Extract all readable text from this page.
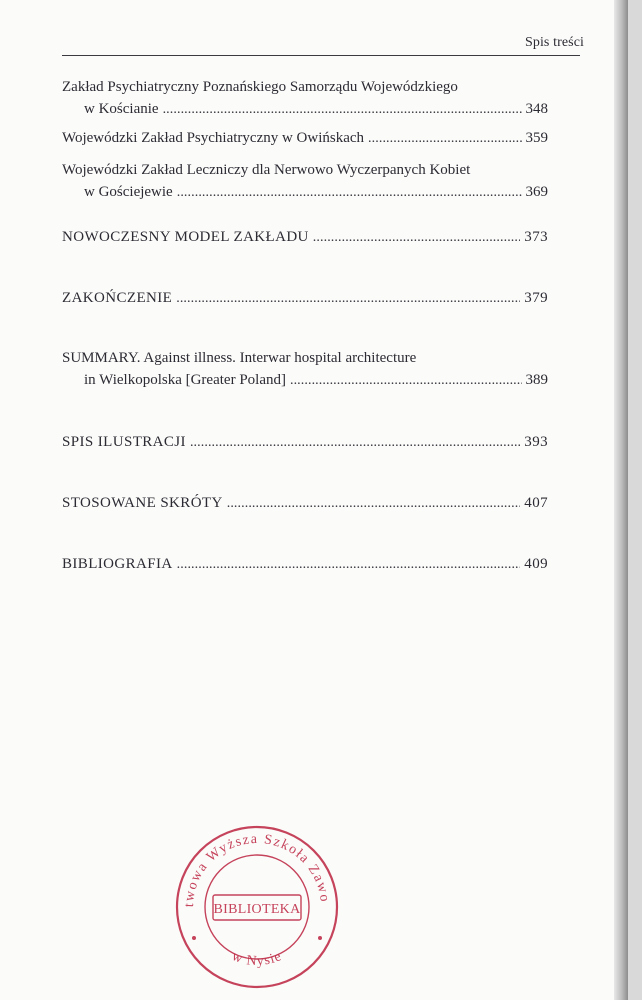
Spis treści
Zakład Psychiatryczny Poznańskiego Samorządu Wojewódzkiego
w Kościanie . . .	348
Wojewódzki Zakład Psychiatryczny w Owińskach . . .	359
Wojewódzki Zakład Leczniczy dla Nerwowo Wyczerpanych Kobiet
w Gościejewie . . .	369
NOWOCZESNY MODEL ZAKŁADU . . .	373
ZAKOŃCZENIE . . .	379
SUMMARY. Against illness. Interwar hospital architecture
in Wielkopolska [Greater Poland] . . .	389
SPIS ILUSTRACJI . . .	393
STOSOWANE SKRÓTY . . .	407
BIBLIOGRAFIA . . .	409
twowa Wyższa Szkoła Zawo
w Nysie
BIBLIOTEKA
